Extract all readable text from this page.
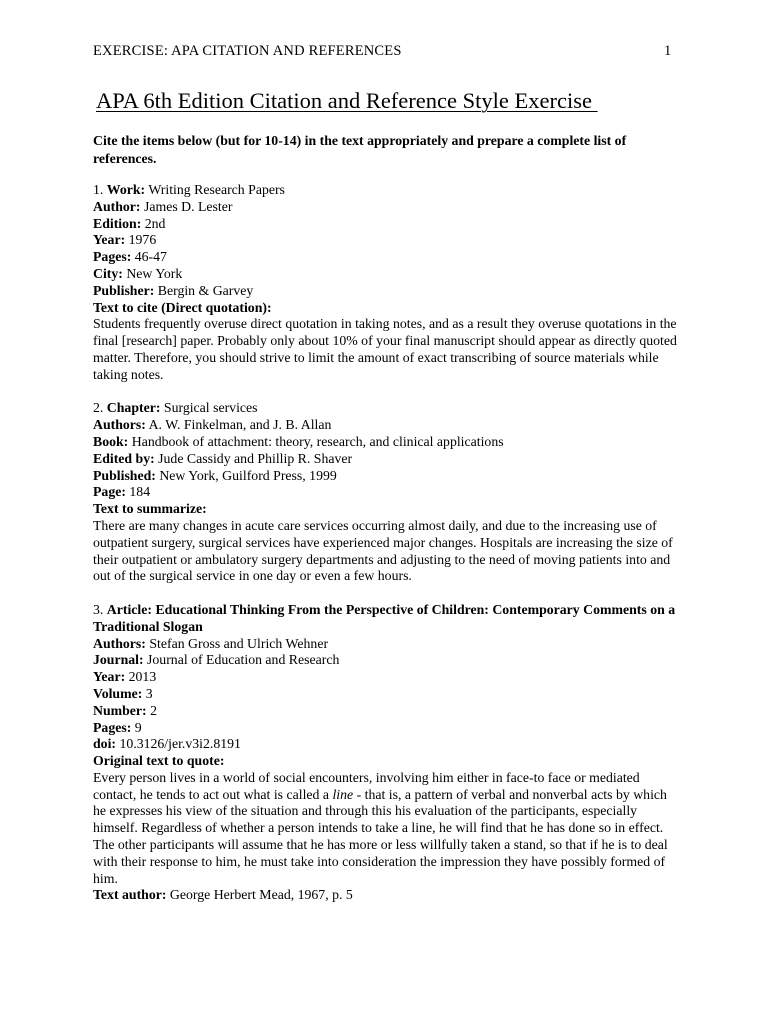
EXERCISE: APA CITATION AND REFERENCES	1
APA 6th Edition Citation and Reference Style Exercise
Cite the items below (but for 10-14) in the text appropriately and prepare a complete list of references.
1. Work: Writing Research Papers
Author: James D. Lester
Edition: 2nd
Year: 1976
Pages: 46-47
City: New York
Publisher: Bergin & Garvey
Text to cite (Direct quotation):
Students frequently overuse direct quotation in taking notes, and as a result they overuse quotations in the final [research] paper. Probably only about 10% of your final manuscript should appear as directly quoted matter. Therefore, you should strive to limit the amount of exact transcribing of source materials while taking notes.
2. Chapter: Surgical services
Authors: A. W. Finkelman, and J. B. Allan
Book: Handbook of attachment: theory, research, and clinical applications
Edited by: Jude Cassidy and Phillip R. Shaver
Published: New York, Guilford Press, 1999
Page: 184
Text to summarize:
There are many changes in acute care services occurring almost daily, and due to the increasing use of outpatient surgery, surgical services have experienced major changes. Hospitals are increasing the size of their outpatient or ambulatory surgery departments and adjusting to the need of moving patients into and out of the surgical service in one day or even a few hours.
3. Article: Educational Thinking From the Perspective of Children: Contemporary Comments on a Traditional Slogan
Authors: Stefan Gross and Ulrich Wehner
Journal: Journal of Education and Research
Year: 2013
Volume: 3
Number: 2
Pages: 9
doi: 10.3126/jer.v3i2.8191
Original text to quote:
Every person lives in a world of social encounters, involving him either in face-to face or mediated contact, he tends to act out what is called a line - that is, a pattern of verbal and nonverbal acts by which he expresses his view of the situation and through this his evaluation of the participants, especially himself. Regardless of whether a person intends to take a line, he will find that he has done so in effect. The other participants will assume that he has more or less willfully taken a stand, so that if he is to deal with their response to him, he must take into consideration the impression they have possibly formed of him.
Text author: George Herbert Mead, 1967, p. 5
